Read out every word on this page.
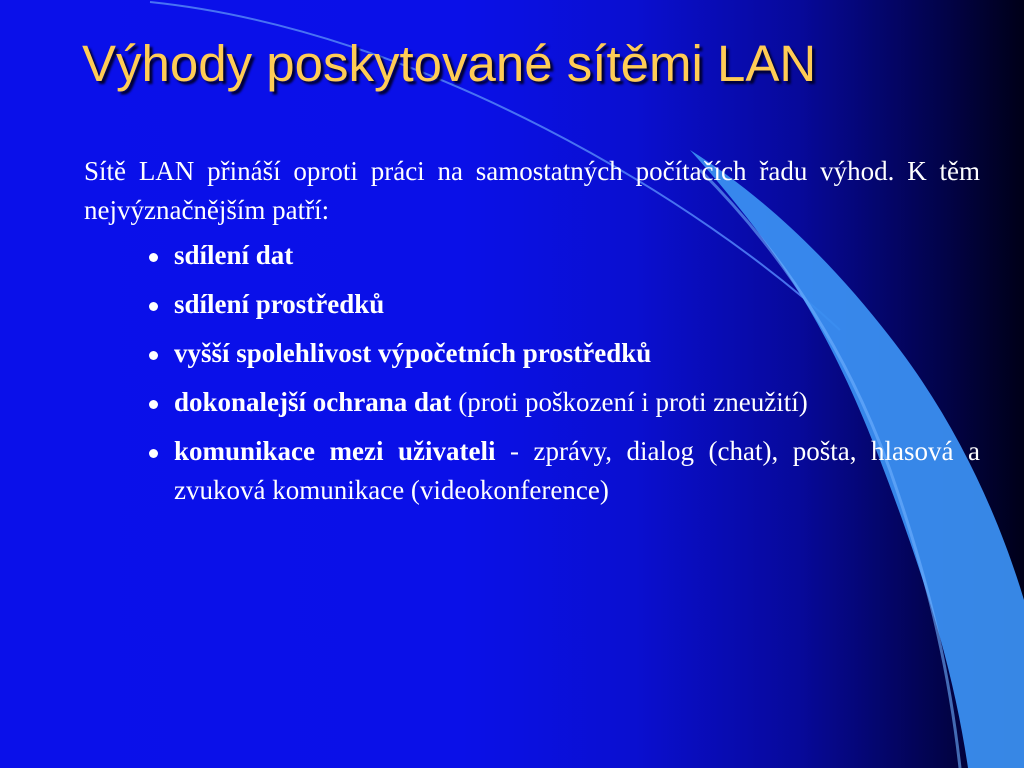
Výhody poskytované sítěmi LAN

Sítě LAN přináší oproti práci na samostatných počítačích řadu výhod. K těm nejvýznačnějším patří:

sdílení dat
sdílení prostředků
vyšší spolehlivost výpočetních prostředků
dokonalejší ochrana dat (proti poškození i proti zneužití)
komunikace mezi uživateli - zprávy, dialog (chat), pošta, hlasová a zvuková komunikace (videokonference)
